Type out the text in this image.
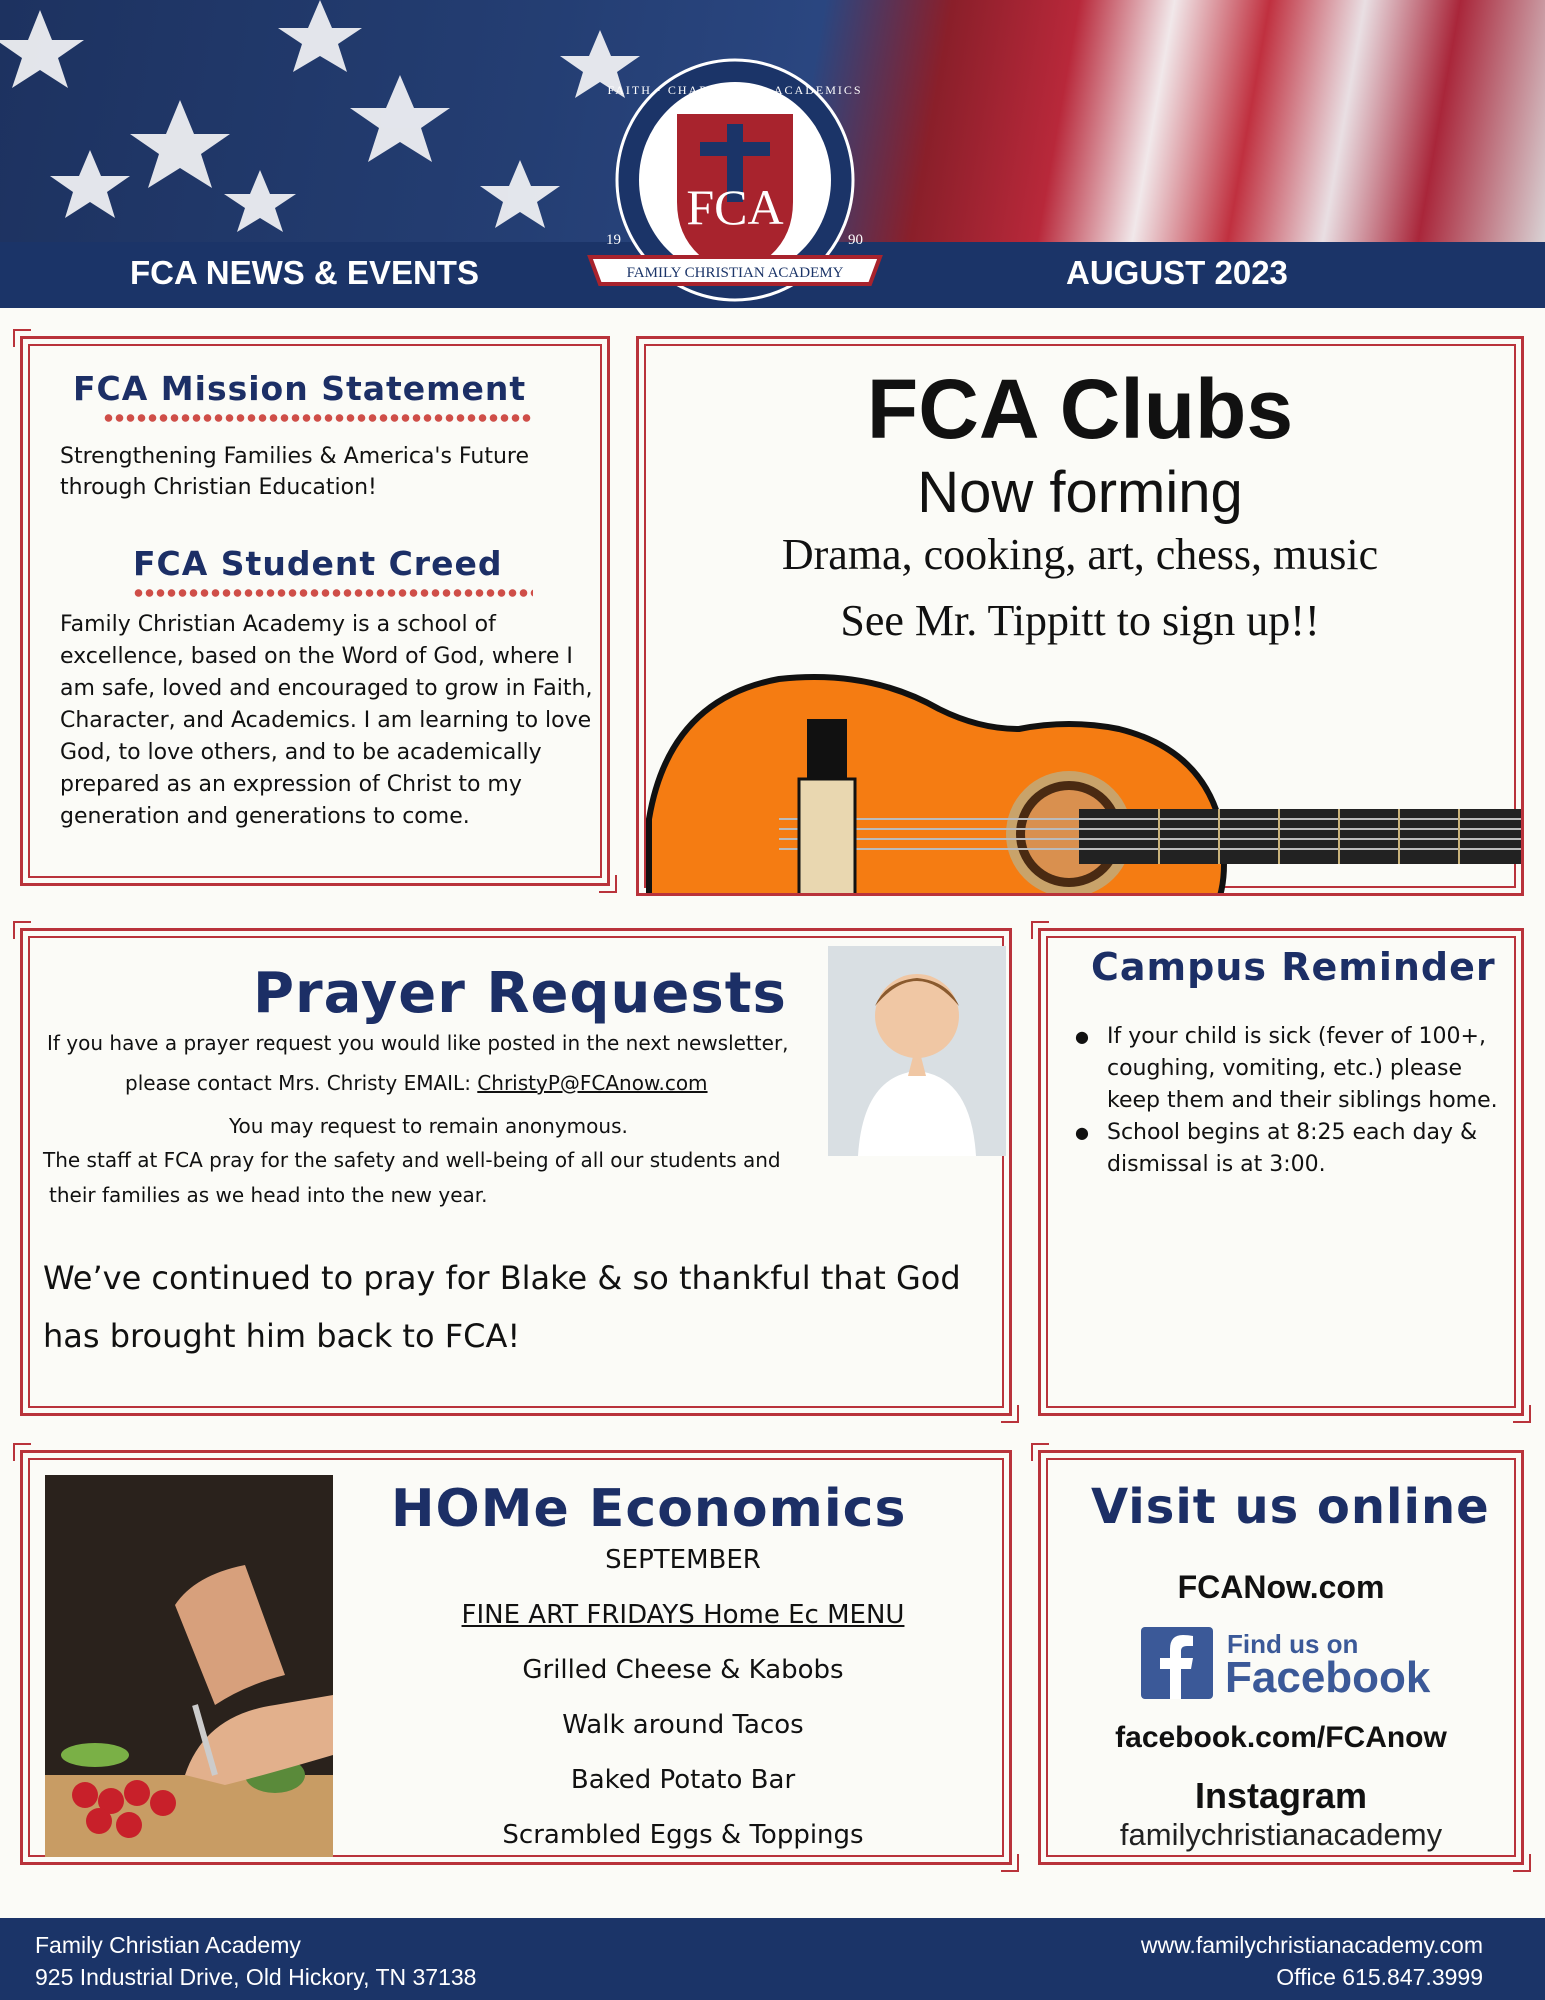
FCA NEWS & EVENTS	AUGUST 2023
FCA
19	90
FAMILY CHRISTIAN ACADEMY
FAITH · CHARACTER · ACADEMICS
FCA Mission Statement
Strengthening Families & America's Future through Christian Education!
FCA Student Creed
Family Christian Academy is a school of excellence, based on the Word of God, where I am safe, loved and encouraged to grow in Faith, Character, and Academics. I am learning to love God, to love others, and to be academically prepared as an expression of Christ to my generation and generations to come.
FCA Clubs
Now forming
Drama, cooking, art, chess, music
See Mr. Tippitt to sign up!!
Prayer Requests
If you have a prayer request you would like posted in the next newsletter,
please contact Mrs. Christy EMAIL: ChristyP@FCAnow.com
You may request to remain anonymous.
The staff at FCA pray for the safety and well-being of all our students and
their families as we head into the new year.
We’ve continued to pray for Blake & so thankful that God has brought him back to FCA!
Campus Reminder
● If your child is sick (fever of 100+, coughing, vomiting, etc.) please keep them and their siblings home.
● School begins at 8:25 each day & dismissal is at 3:00.
HOMe Economics
SEPTEMBER
FINE ART FRIDAYS Home Ec MENU
Grilled Cheese & Kabobs
Walk around Tacos
Baked Potato Bar
Scrambled Eggs & Toppings
Visit us online
FCANow.com
Find us on
Facebook
facebook.com/FCAnow
Instagram
familychristianacademy
Family Christian Academy
925 Industrial Drive, Old Hickory, TN 37138
www.familychristianacademy.com
Office 615.847.3999
